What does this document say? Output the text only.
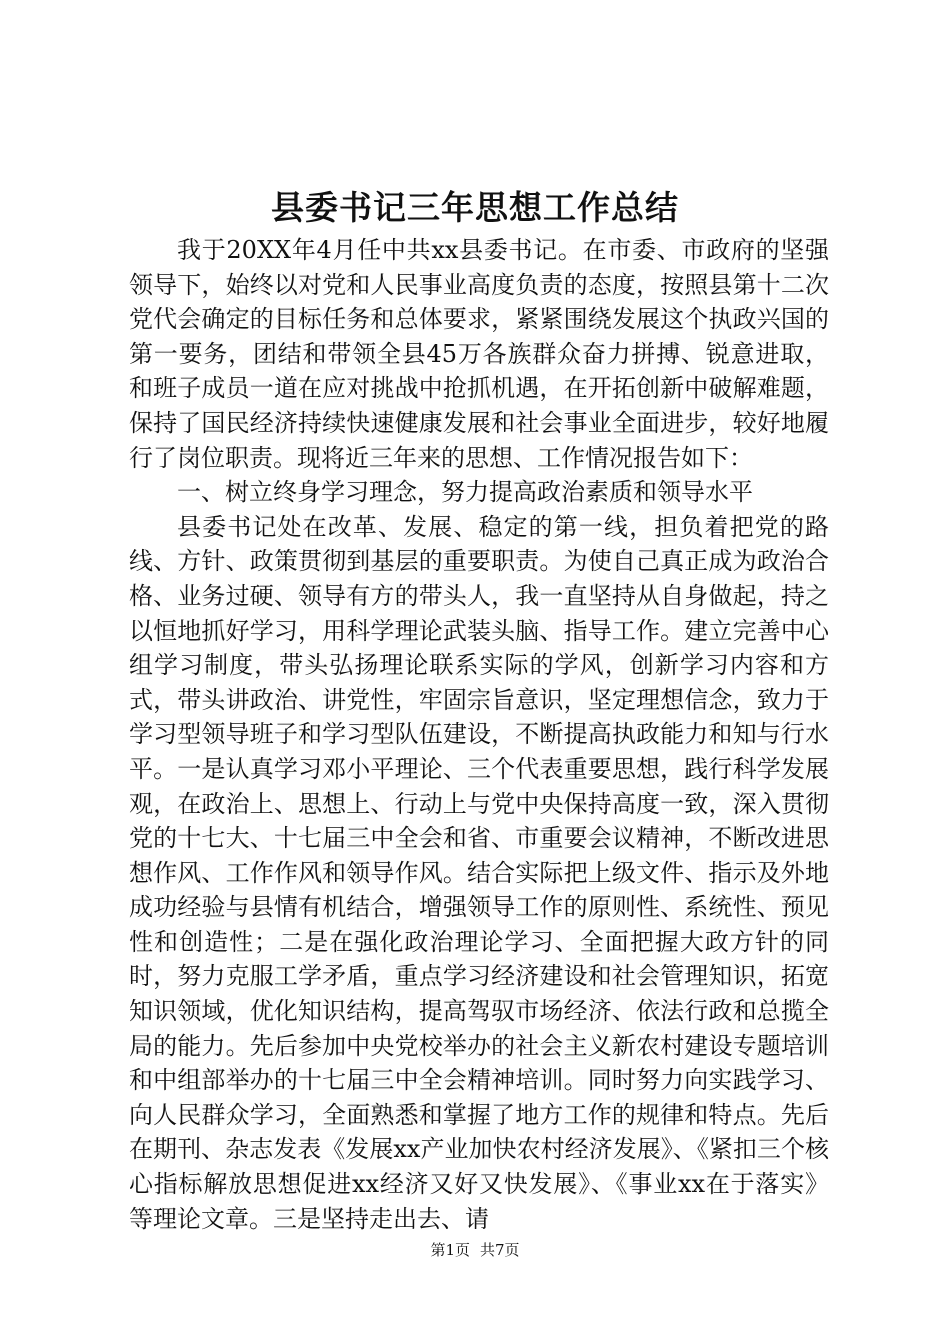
县委书记三年思想工作总结

我于20XX年4月任中共xx县委书记。在市委、市政府的坚强领导下，始终以对党和人民事业高度负责的态度，按照县第十二次党代会确定的目标任务和总体要求，紧紧围绕发展这个执政兴国的第一要务，团结和带领全县45万各族群众奋力拼搏、锐意进取，和班子成员一道在应对挑战中抢抓机遇，在开拓创新中破解难题，保持了国民经济持续快速健康发展和社会事业全面进步，较好地履行了岗位职责。现将近三年来的思想、工作情况报告如下：

一、树立终身学习理念，努力提高政治素质和领导水平

县委书记处在改革、发展、稳定的第一线，担负着把党的路线、方针、政策贯彻到基层的重要职责。为使自己真正成为政治合格、业务过硬、领导有方的带头人，我一直坚持从自身做起，持之以恒地抓好学习，用科学理论武装头脑、指导工作。建立完善中心组学习制度，带头弘扬理论联系实际的学风，创新学习内容和方式，带头讲政治、讲党性，牢固宗旨意识，坚定理想信念，致力于学习型领导班子和学习型队伍建设，不断提高执政能力和知与行水平。一是认真学习邓小平理论、三个代表重要思想，践行科学发展观，在政治上、思想上、行动上与党中央保持高度一致，深入贯彻党的十七大、十七届三中全会和省、市重要会议精神，不断改进思想作风、工作作风和领导作风。结合实际把上级文件、指示及外地成功经验与县情有机结合，增强领导工作的原则性、系统性、预见性和创造性；二是在强化政治理论学习、全面把握大政方针的同时，努力克服工学矛盾，重点学习经济建设和社会管理知识，拓宽知识领域，优化知识结构，提高驾驭市场经济、依法行政和总揽全局的能力。先后参加中央党校举办的社会主义新农村建设专题培训和中组部举办的十七届三中全会精神培训。同时努力向实践学习、向人民群众学习，全面熟悉和掌握了地方工作的规律和特点。先后在期刊、杂志发表《发展xx产业加快农村经济发展》、《紧扣三个核心指标解放思想促进xx经济又好又快发展》、《事业xx在于落实》等理论文章。三是坚持走出去、请

第1页 共7页
